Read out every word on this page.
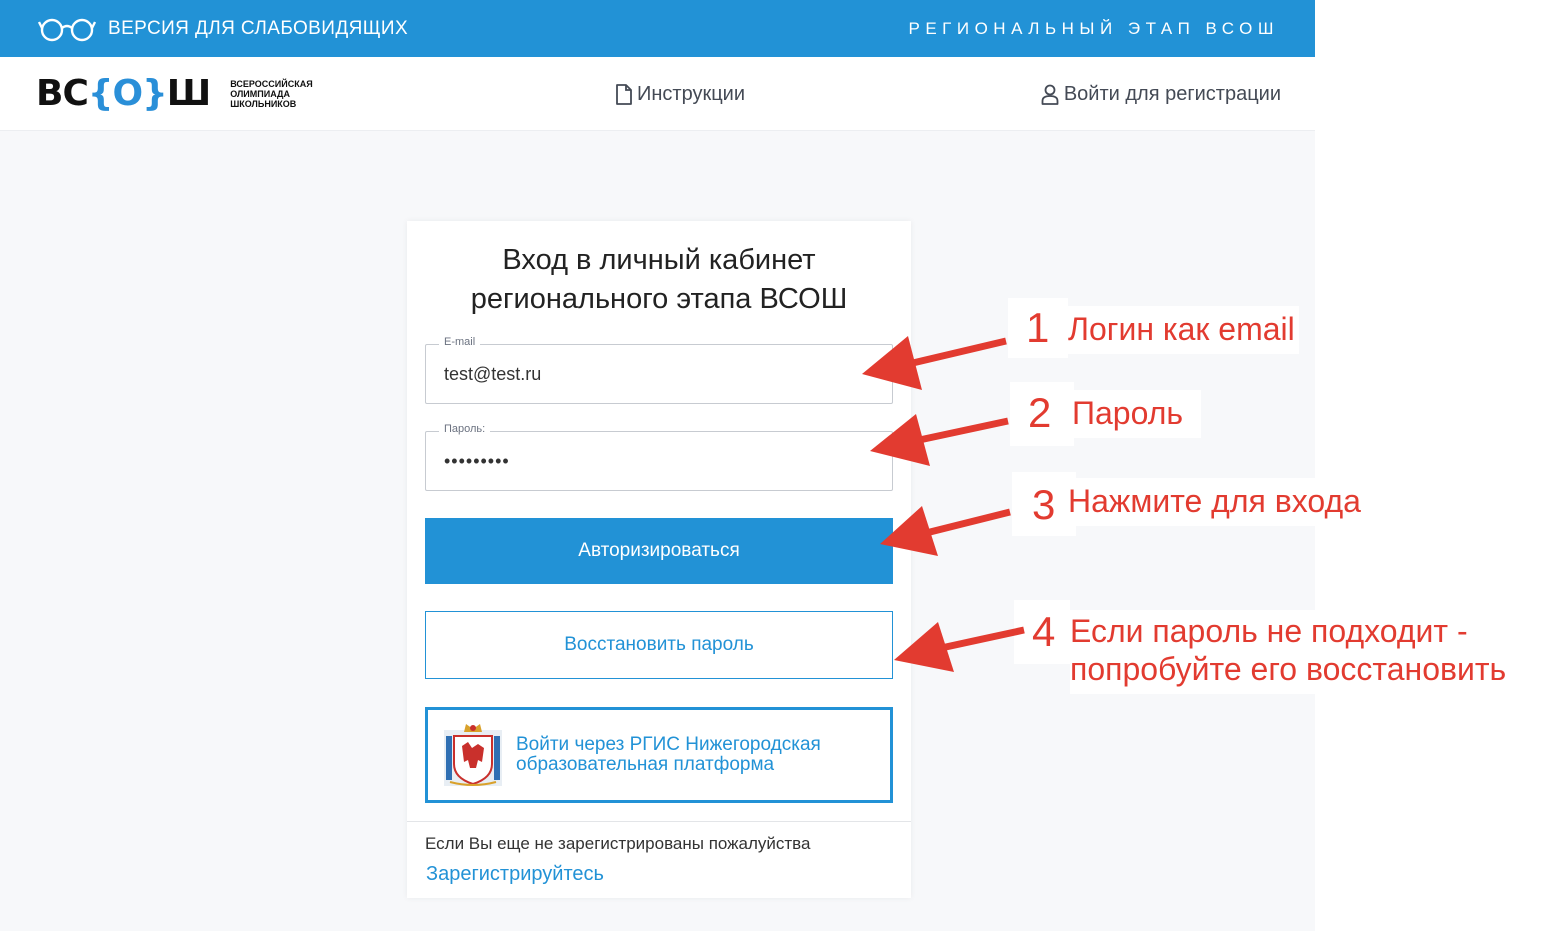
ВЕРСИЯ ДЛЯ СЛАБОВИДЯЩИХ	РЕГИОНАЛЬНЫЙ ЭТАП ВСОШ
ВС{О}Ш ВСЕРОССИЙСКАЯ
ОЛИМПИАДА
ШКОЛЬНИКОВ	Инструкции	Войти для регистрации
Вход в личный кабинет
регионального этапа ВСОШ
E-mail
test@test.ru
Пароль:
•••••••••
Авторизироваться
Восстановить пароль
Войти через РГИС Нижегородская
образовательная платформа
Если Вы еще не зарегистрированы пожалуйства
Зарегистрируйтесь
1 Логин как email
2 Пароль
3 Нажмите для входа
4 Если пароль не подходит -
попробуйте его восстановить
